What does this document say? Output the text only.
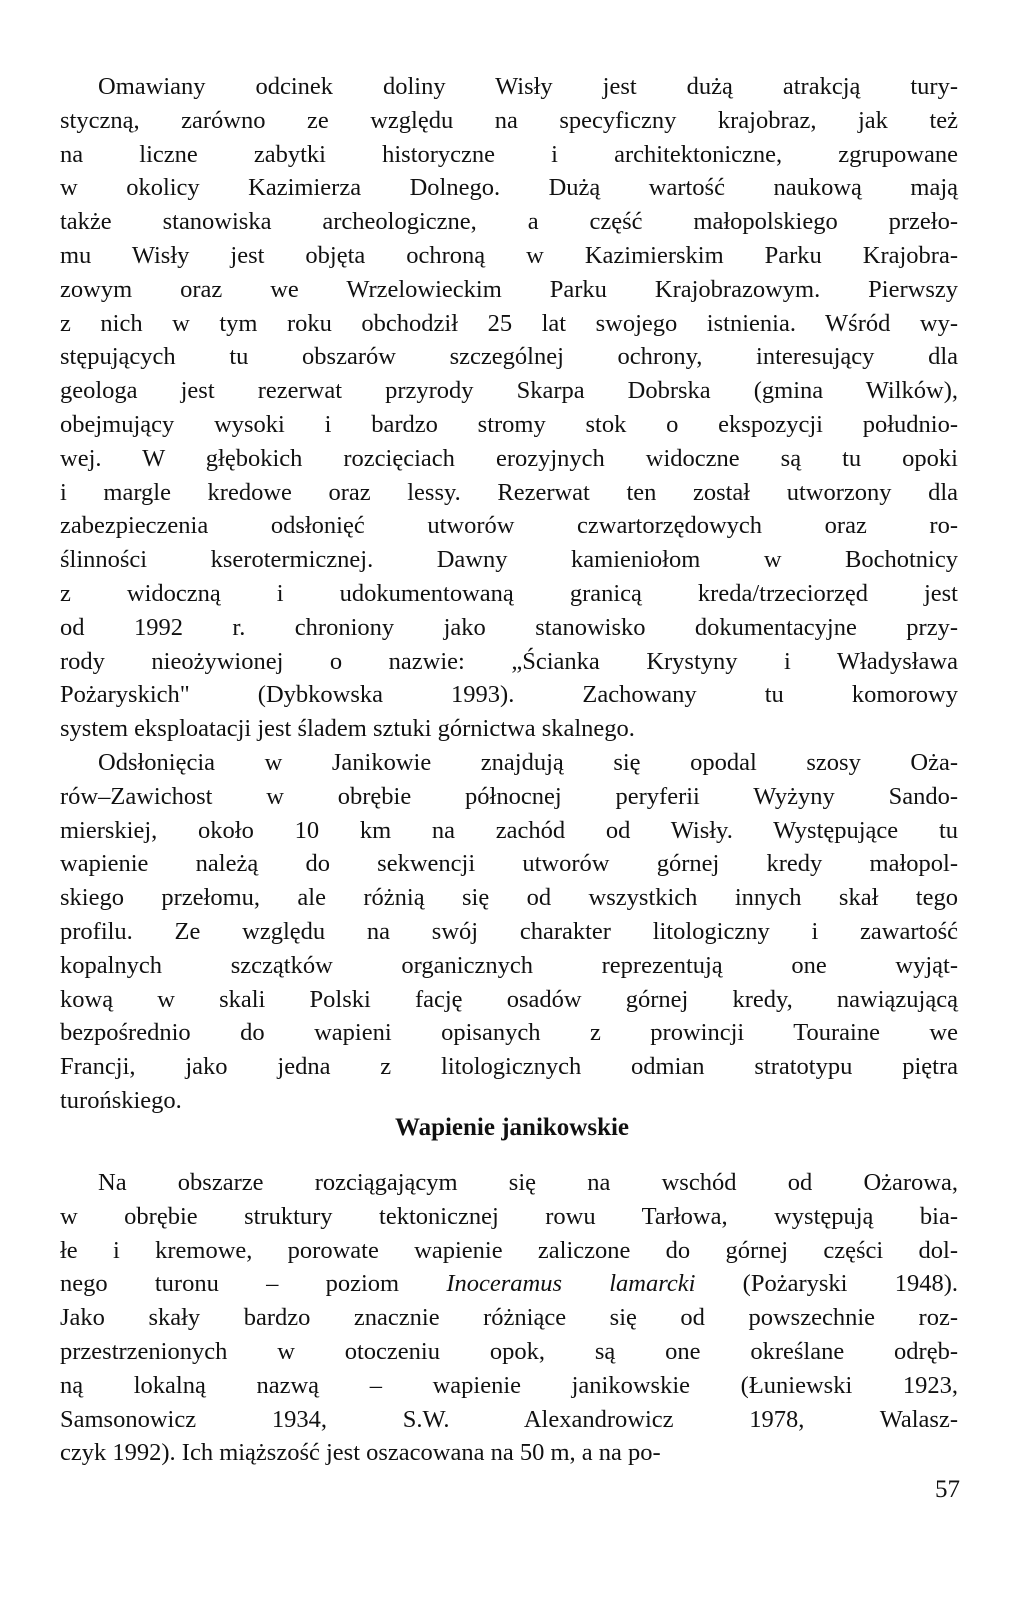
Omawiany odcinek doliny Wisły jest dużą atrakcją tury-
styczną, zarówno ze względu na specyficzny krajobraz, jak też
na liczne zabytki historyczne i architektoniczne, zgrupowane
w okolicy Kazimierza Dolnego. Dużą wartość naukową mają
także stanowiska archeologiczne, a część małopolskiego przeło-
mu Wisły jest objęta ochroną w Kazimierskim Parku Krajobra-
zowym oraz we Wrzelowieckim Parku Krajobrazowym. Pierwszy
z nich w tym roku obchodził 25 lat swojego istnienia. Wśród wy-
stępujących tu obszarów szczególnej ochrony, interesujący dla
geologa jest rezerwat przyrody Skarpa Dobrska (gmina Wilków),
obejmujący wysoki i bardzo stromy stok o ekspozycji południo-
wej. W głębokich rozcięciach erozyjnych widoczne są tu opoki
i margle kredowe oraz lessy. Rezerwat ten został utworzony dla
zabezpieczenia odsłonięć utworów czwartorzędowych oraz ro-
ślinności kserotermicznej. Dawny kamieniołom w Bochotnicy
z widoczną i udokumentowaną granicą kreda/trzeciorzęd jest
od 1992 r. chroniony jako stanowisko dokumentacyjne przy-
rody nieożywionej o nazwie: „Ścianka Krystyny i Władysława
Pożaryskich" (Dybkowska 1993). Zachowany tu komorowy
system eksploatacji jest śladem sztuki górnictwa skalnego.
Odsłonięcia w Janikowie znajdują się opodal szosy Oża-
rów–Zawichost w obrębie północnej peryferii Wyżyny Sando-
mierskiej, około 10 km na zachód od Wisły. Występujące tu
wapienie należą do sekwencji utworów górnej kredy małopol-
skiego przełomu, ale różnią się od wszystkich innych skał tego
profilu. Ze względu na swój charakter litologiczny i zawartość
kopalnych szczątków organicznych reprezentują one wyjąt-
kową w skali Polski fację osadów górnej kredy, nawiązującą
bezpośrednio do wapieni opisanych z prowincji Touraine we
Francji, jako jedna z litologicznych odmian stratotypu piętra
turońskiego.
Wapienie janikowskie
Na obszarze rozciągającym się na wschód od Ożarowa,
w obrębie struktury tektonicznej rowu Tarłowa, występują bia-
łe i kremowe, porowate wapienie zaliczone do górnej części dol-
nego turonu – poziom Inoceramus lamarcki (Pożaryski 1948).
Jako skały bardzo znacznie różniące się od powszechnie roz-
przestrzenionych w otoczeniu opok, są one określane odręb-
ną lokalną nazwą – wapienie janikowskie (Łuniewski 1923,
Samsonowicz 1934, S.W. Alexandrowicz 1978, Walasz-
czyk 1992). Ich miąższość jest oszacowana na 50 m, a na po-
57
